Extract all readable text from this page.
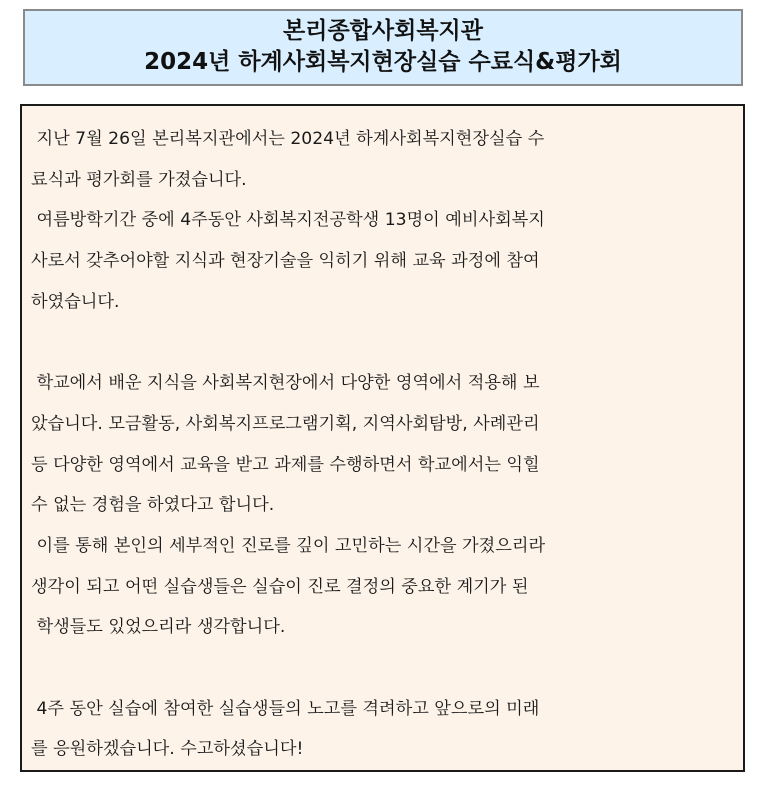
본리종합사회복지관
2024년 하계사회복지현장실습 수료식&평가회
지난 7월 26일 본리복지관에서는 2024년 하계사회복지현장실습 수
료식과 평가회를 가졌습니다.
여름방학기간 중에 4주동안 사회복지전공학생 13명이 예비사회복지
사로서 갖추어야할 지식과 현장기술을 익히기 위해 교육 과정에 참여
하였습니다.
학교에서 배운 지식을 사회복지현장에서 다양한 영역에서 적용해 보
았습니다. 모금활동, 사회복지프로그램기획, 지역사회탐방, 사례관리
등 다양한 영역에서 교육을 받고 과제를 수행하면서 학교에서는 익힐
수 없는 경험을 하였다고 합니다.
이를 통해 본인의 세부적인 진로를 깊이 고민하는 시간을 가졌으리라
생각이 되고 어떤 실습생들은 실습이 진로 결정의 중요한 계기가 된
학생들도 있었으리라 생각합니다.
4주 동안 실습에 참여한 실습생들의 노고를 격려하고 앞으로의 미래
를 응원하겠습니다. 수고하셨습니다!
